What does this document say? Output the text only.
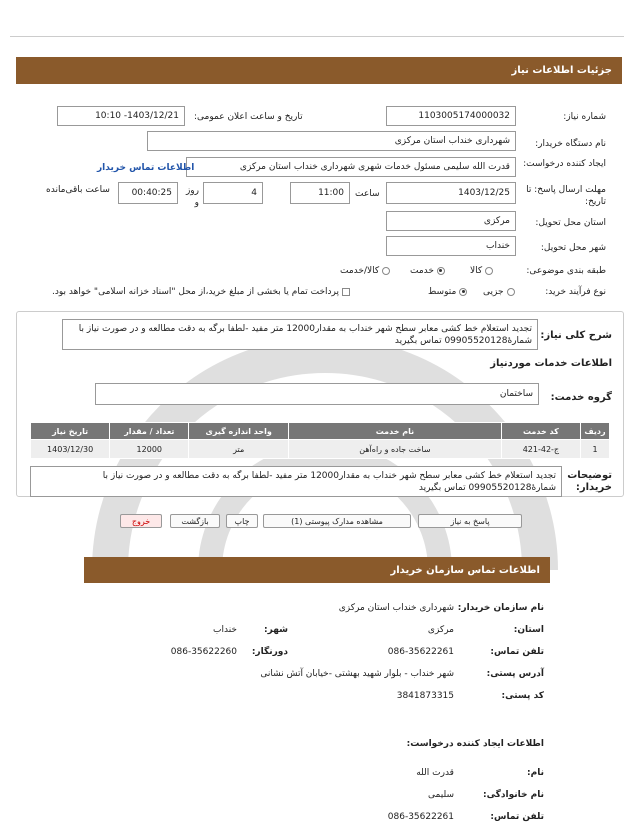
جزئیات اطلاعات نیاز
شماره نیاز:
1103005174000032
تاریخ و ساعت اعلان عمومی:
1403/12/21- 10:10
نام دستگاه خریدار:
شهرداری خنداب استان مرکزی
ایجاد کننده درخواست:
قدرت الله سلیمی مسئول خدمات شهری شهرداری خنداب استان مرکزی
اطلاعات تماس خریدار
مهلت ارسال پاسخ: تا تاریخ:
1403/12/25
ساعت
11:00
4
روز و
00:40:25
ساعت باقی‌مانده
استان محل تحویل:
مرکزی
شهر محل تحویل:
خنداب
طبقه بندی موضوعی:
کالا
خدمت
کالا/خدمت
نوع فرآیند خرید:
جزیی
متوسط
پرداخت تمام یا بخشی از مبلغ خرید،از محل "اسناد خزانه اسلامی" خواهد بود.
شرح کلی نیاز:
تجدید استعلام خط کشی معابر سطح شهر خنداب به مقدار12000 متر مفید -لطفا برگه به دقت مطالعه و در صورت نیاز با شمارۀ09905520128 تماس بگیرید
اطلاعات خدمات موردنیاز
گروه خدمت:
ساختمان
ردیف	کد خدمت	نام خدمت	واحد اندازه گیری	تعداد / مقدار	تاریخ نیاز
1	ج-42-421	ساخت جاده و راه‌آهن	متر	12000	1403/12/30
توضیحات خریدار:
تجدید استعلام خط کشی معابر سطح شهر خنداب به مقدار12000 متر مفید -لطفا برگه به دقت مطالعه و در صورت نیاز با شمارۀ09905520128 تماس بگیرید
پاسخ به نیاز
مشاهده مدارک پیوستی (1)
چاپ
بازگشت
خروج
اطلاعات تماس سازمان خریدار
نام سازمان خریدار:
شهرداری خنداب استان مرکزی
استان:
مرکزی
شهر:
خنداب
تلفن تماس:
086-35622261
دورنگار:
086-35622260
آدرس پستی:
شهر خنداب - بلوار شهید بهشتی -خیابان آتش نشانی
کد پستی:
3841873315
اطلاعات ایجاد کننده درخواست:
نام:
قدرت الله
نام خانوادگی:
سلیمی
تلفن تماس:
086-35622261
